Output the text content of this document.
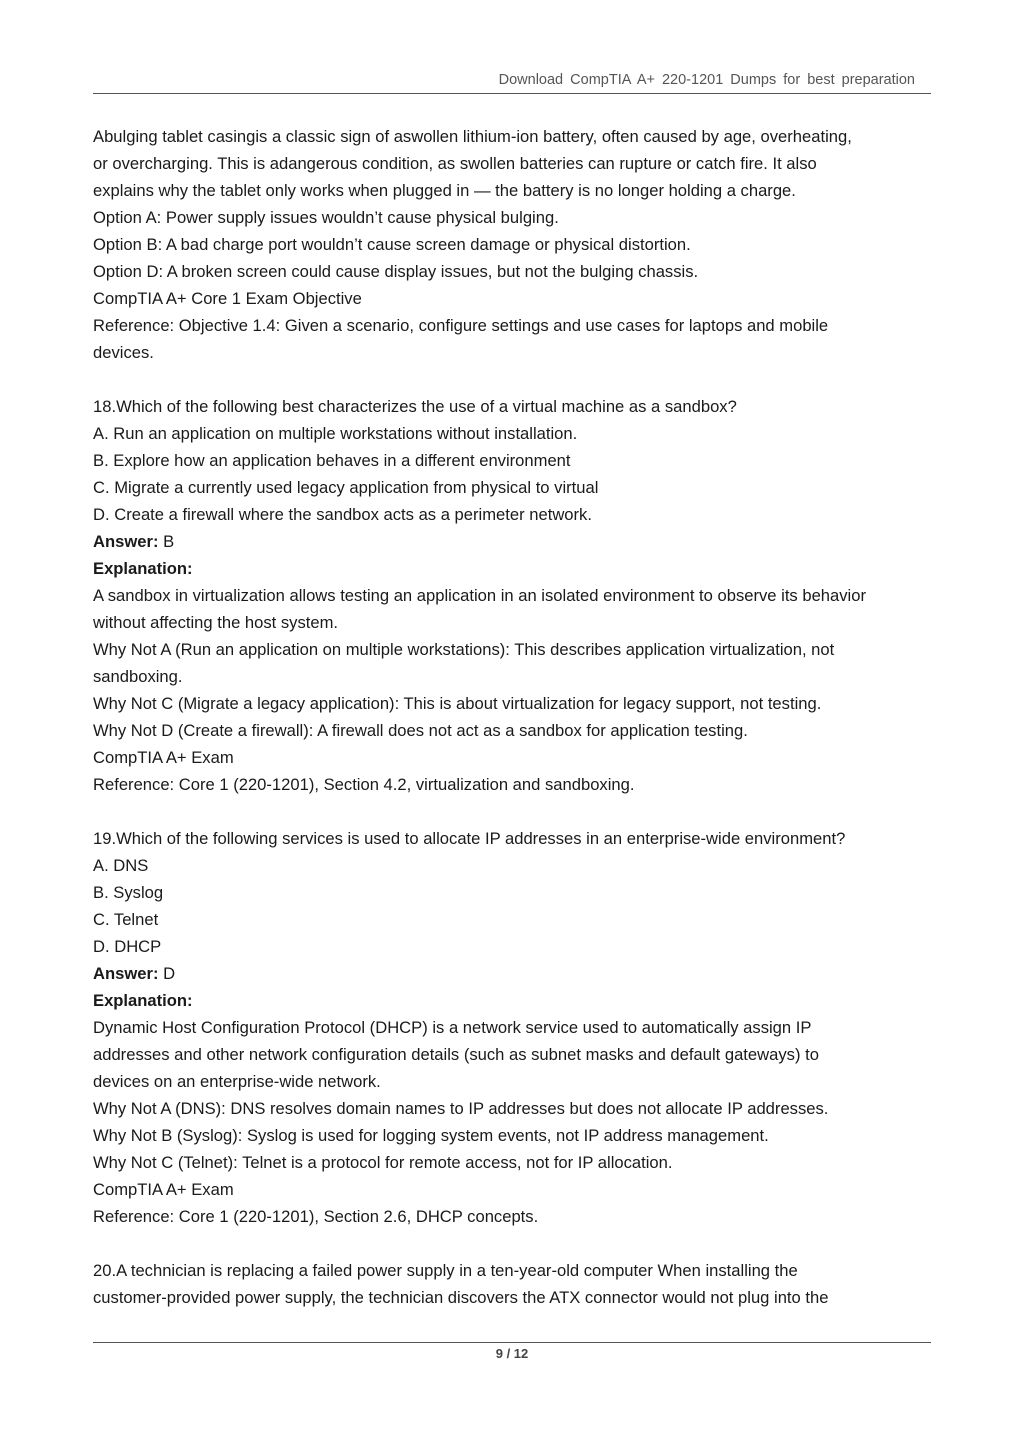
Download CompTIA A+ 220-1201 Dumps for best preparation
Abulging tablet casingis a classic sign of aswollen lithium-ion battery, often caused by age, overheating,
or overcharging. This is adangerous condition, as swollen batteries can rupture or catch fire. It also
explains why the tablet only works when plugged in — the battery is no longer holding a charge.
Option A: Power supply issues wouldn’t cause physical bulging.
Option B: A bad charge port wouldn’t cause screen damage or physical distortion.
Option D: A broken screen could cause display issues, but not the bulging chassis.
CompTIA A+ Core 1 Exam Objective
Reference: Objective 1.4: Given a scenario, configure settings and use cases for laptops and mobile
devices.
18.Which of the following best characterizes the use of a virtual machine as a sandbox?
A. Run an application on multiple workstations without installation.
B. Explore how an application behaves in a different environment
C. Migrate a currently used legacy application from physical to virtual
D. Create a firewall where the sandbox acts as a perimeter network.
Answer: B
Explanation:
A sandbox in virtualization allows testing an application in an isolated environment to observe its behavior
without affecting the host system.
Why Not A (Run an application on multiple workstations): This describes application virtualization, not
sandboxing.
Why Not C (Migrate a legacy application): This is about virtualization for legacy support, not testing.
Why Not D (Create a firewall): A firewall does not act as a sandbox for application testing.
CompTIA A+ Exam
Reference: Core 1 (220-1201), Section 4.2, virtualization and sandboxing.
19.Which of the following services is used to allocate IP addresses in an enterprise-wide environment?
A. DNS
B. Syslog
C. Telnet
D. DHCP
Answer: D
Explanation:
Dynamic Host Configuration Protocol (DHCP) is a network service used to automatically assign IP
addresses and other network configuration details (such as subnet masks and default gateways) to
devices on an enterprise-wide network.
Why Not A (DNS): DNS resolves domain names to IP addresses but does not allocate IP addresses.
Why Not B (Syslog): Syslog is used for logging system events, not IP address management.
Why Not C (Telnet): Telnet is a protocol for remote access, not for IP allocation.
CompTIA A+ Exam
Reference: Core 1 (220-1201), Section 2.6, DHCP concepts.
20.A technician is replacing a failed power supply in a ten-year-old computer When installing the
customer-provided power supply, the technician discovers the ATX connector would not plug into the
9 / 12
